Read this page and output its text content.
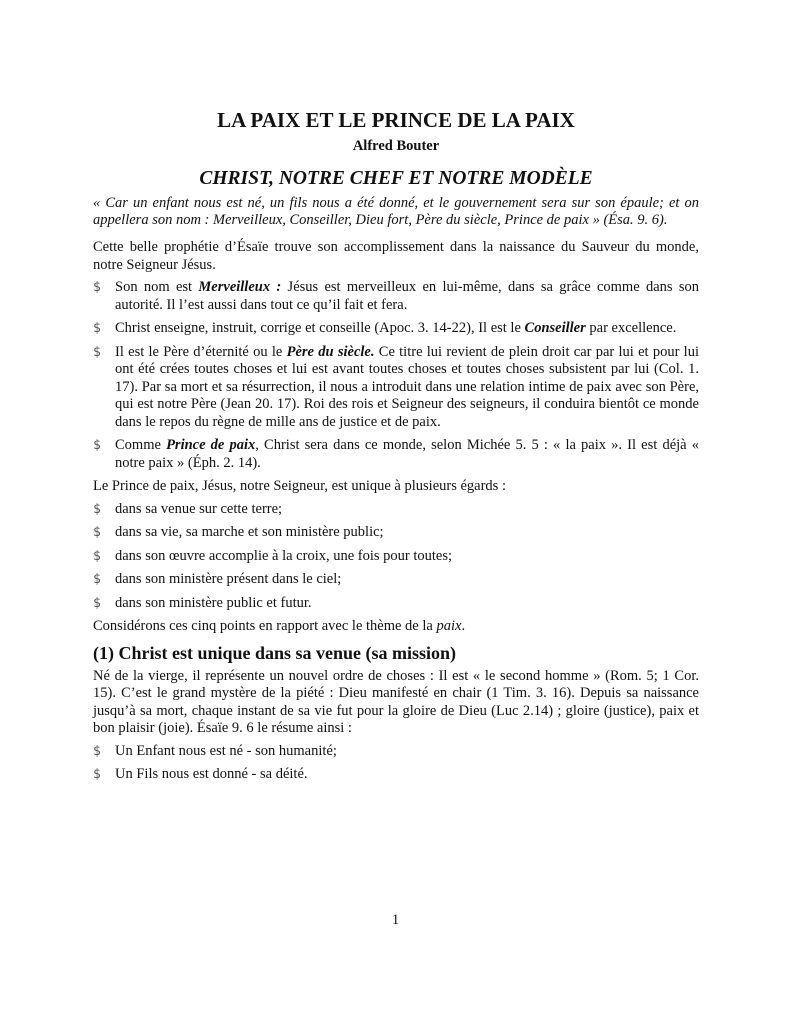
LA PAIX ET LE PRINCE DE LA PAIX
Alfred Bouter
CHRIST, NOTRE CHEF ET NOTRE MODÈLE

« Car un enfant nous est né, un fils nous a été donné, et le gouvernement sera sur son épaule; et on appellera son nom : Merveilleux, Conseiller, Dieu fort, Père du siècle, Prince de paix » (Ésa. 9. 6).

Cette belle prophétie d’Ésaïe trouve son accomplissement dans la naissance du Sauveur du monde, notre Seigneur Jésus.

$ Son nom est Merveilleux : Jésus est merveilleux en lui-même, dans sa grâce comme dans son autorité. Il l’est aussi dans tout ce qu’il fait et fera.
$ Christ enseigne, instruit, corrige et conseille (Apoc. 3. 14-22), Il est le Conseiller par excellence.
$ Il est le Père d’éternité ou le Père du siècle. Ce titre lui revient de plein droit car par lui et pour lui ont été crées toutes choses et lui est avant toutes choses et toutes choses subsistent par lui (Col. 1. 17). Par sa mort et sa résurrection, il nous a introduit dans une relation intime de paix avec son Père, qui est notre Père (Jean 20. 17). Roi des rois et Seigneur des seigneurs, il conduira bientôt ce monde dans le repos du règne de mille ans de justice et de paix.
$ Comme Prince de paix, Christ sera dans ce monde, selon Michée 5. 5 : « la paix ». Il est déjà « notre paix » (Éph. 2. 14).

Le Prince de paix, Jésus, notre Seigneur, est unique à plusieurs égards :

$ dans sa venue sur cette terre;
$ dans sa vie, sa marche et son ministère public;
$ dans son œuvre accomplie à la croix, une fois pour toutes;
$ dans son ministère présent dans le ciel;
$ dans son ministère public et futur.

Considérons ces cinq points en rapport avec le thème de la paix.

(1) Christ est unique dans sa venue (sa mission)

Né de la vierge, il représente un nouvel ordre de choses : Il est « le second homme » (Rom. 5; 1 Cor. 15). C’est le grand mystère de la piété : Dieu manifesté en chair (1 Tim. 3. 16). Depuis sa naissance jusqu’à sa mort, chaque instant de sa vie fut pour la gloire de Dieu (Luc 2.14) ; gloire (justice), paix et bon plaisir (joie). Ésaïe 9. 6 le résume ainsi :

$ Un Enfant nous est né - son humanité;
$ Un Fils nous est donné - sa déité.
1
